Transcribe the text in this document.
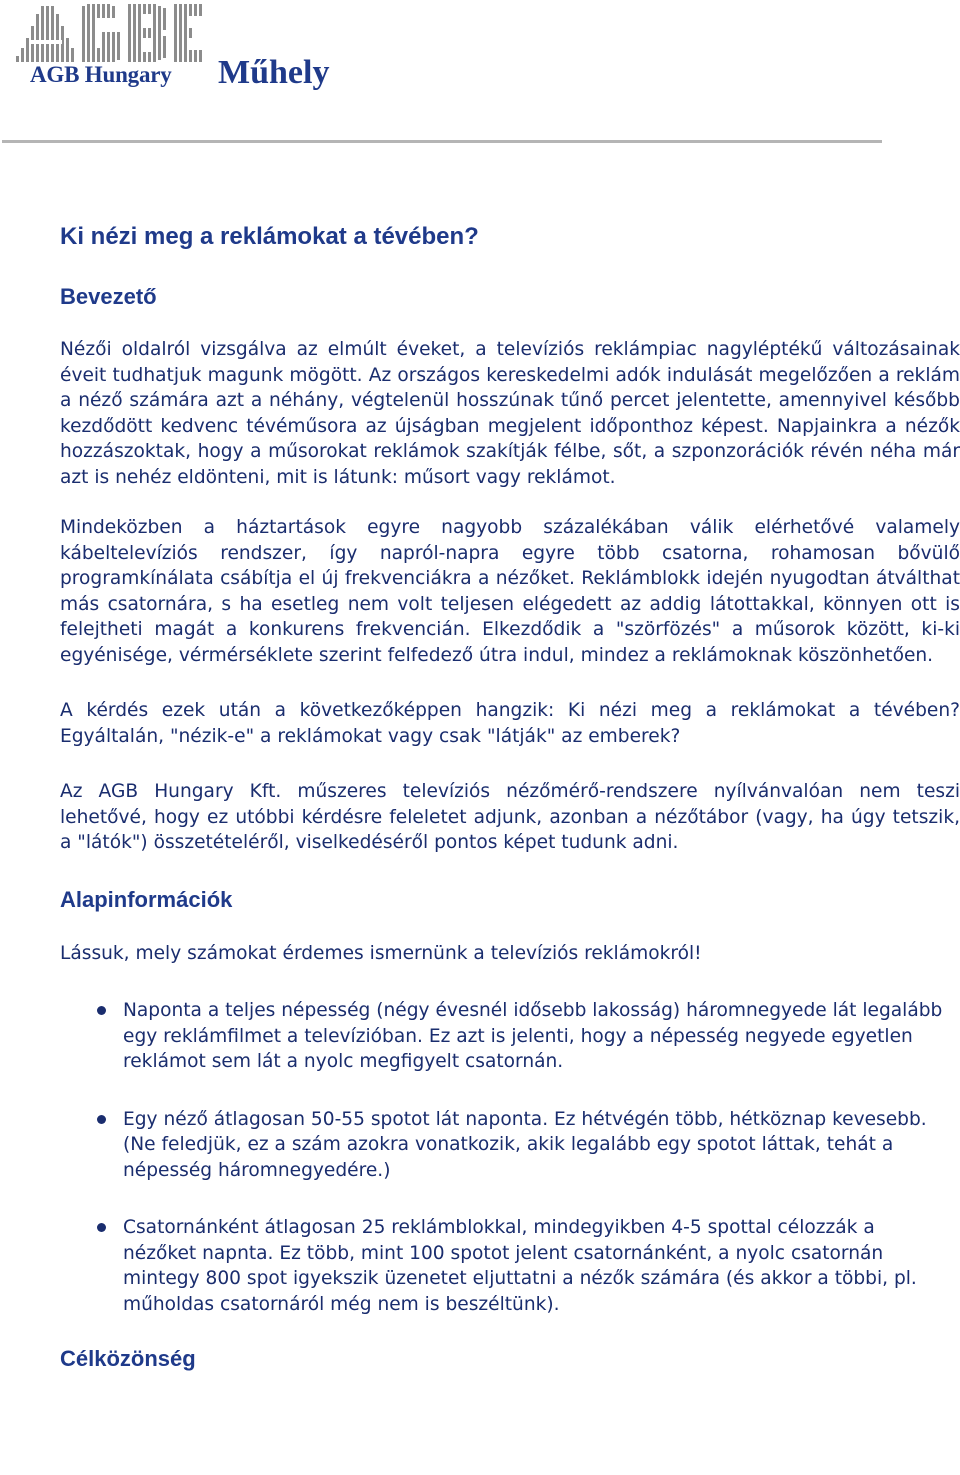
AGB Hungary Műhely
Ki nézi meg a reklámokat a tévében?
Bevezető

Nézői oldalról vizsgálva az elmúlt éveket, a televíziós reklámpiac nagyléptékű változásainak éveit tudhatjuk magunk mögött. Az országos kereskedelmi adók indulását megelőzően a reklám a néző számára azt a néhány, végtelenül hosszúnak tűnő percet jelentette, amennyivel később kezdődött kedvenc tévéműsora az újságban megjelent időponthoz képest. Napjainkra a nézők hozzászoktak, hogy a műsorokat reklámok szakítják félbe, sőt, a szponzorációk révén néha már azt is nehéz eldönteni, mit is látunk: műsort vagy reklámot.

Mindeközben a háztartások egyre nagyobb százalékában válik elérhetővé valamely kábeltelevíziós rendszer, így napról-napra egyre több csatorna, rohamosan bővülő programkínálata csábítja el új frekvenciákra a nézőket. Reklámblokk idején nyugodtan átválthat más csatornára, s ha esetleg nem volt teljesen elégedett az addig látottakkal, könnyen ott is felejtheti magát a konkurens frekvencián. Elkezdődik a "szörfözés" a műsorok között, ki-ki egyénisége, vérmérséklete szerint felfedező útra indul, mindez a reklámoknak köszönhetően.

A kérdés ezek után a következőképpen hangzik: Ki nézi meg a reklámokat a tévében? Egyáltalán, "nézik-e" a reklámokat vagy csak "látják" az emberek?

Az AGB Hungary Kft. műszeres televíziós nézőmérő-rendszere nyílvánvalóan nem teszi lehetővé, hogy ez utóbbi kérdésre feleletet adjunk, azonban a nézőtábor (vagy, ha úgy tetszik, a "látók") összetételéről, viselkedéséről pontos képet tudunk adni.

Alapinformációk

Lássuk, mely számokat érdemes ismernünk a televíziós reklámokról!

Naponta a teljes népesség (négy évesnél idősebb lakosság) háromnegyede lát legalább egy reklámfilmet a televízióban. Ez azt is jelenti, hogy a népesség negyede egyetlen reklámot sem lát a nyolc megfigyelt csatornán.
Egy néző átlagosan 50-55 spotot lát naponta. Ez hétvégén több, hétköznap kevesebb. (Ne feledjük, ez a szám azokra vonatkozik, akik legalább egy spotot láttak, tehát a népesség háromnegyedére.)
Csatornánként átlagosan 25 reklámblokkal, mindegyikben 4-5 spottal célozzák a nézőket napnta. Ez több, mint 100 spotot jelent csatornánként, a nyolc csatornán mintegy 800 spot igyekszik üzenetet eljuttatni a nézők számára (és akkor a többi, pl. műholdas csatornáról még nem is beszéltünk).
Célközönség
